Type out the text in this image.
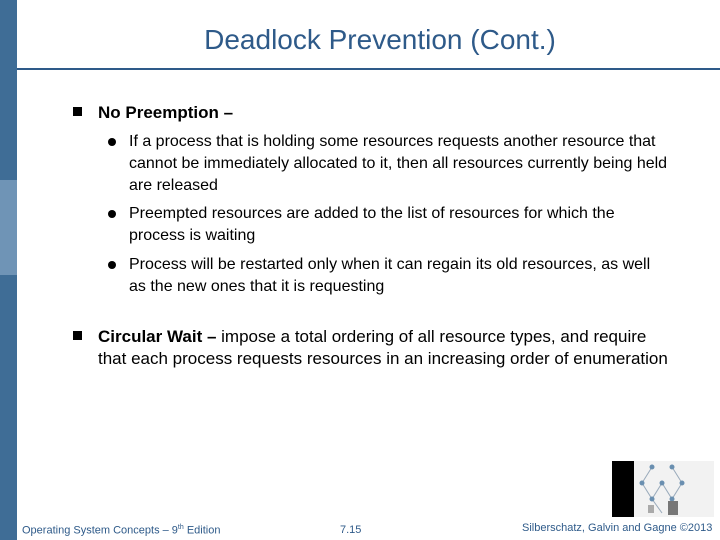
Deadlock Prevention (Cont.)
No Preemption –
If a process that is holding some resources requests another resource that cannot be immediately allocated to it, then all resources currently being held are released
Preempted resources are added to the list of resources for which the process is waiting
Process will be restarted only when it can regain its old resources, as well as the new ones that it is requesting
Circular Wait – impose a total ordering of all resource types, and require that each process requests resources in an increasing order of enumeration
Operating System Concepts – 9th Edition	7.15	Silberschatz, Galvin and Gagne ©2013
